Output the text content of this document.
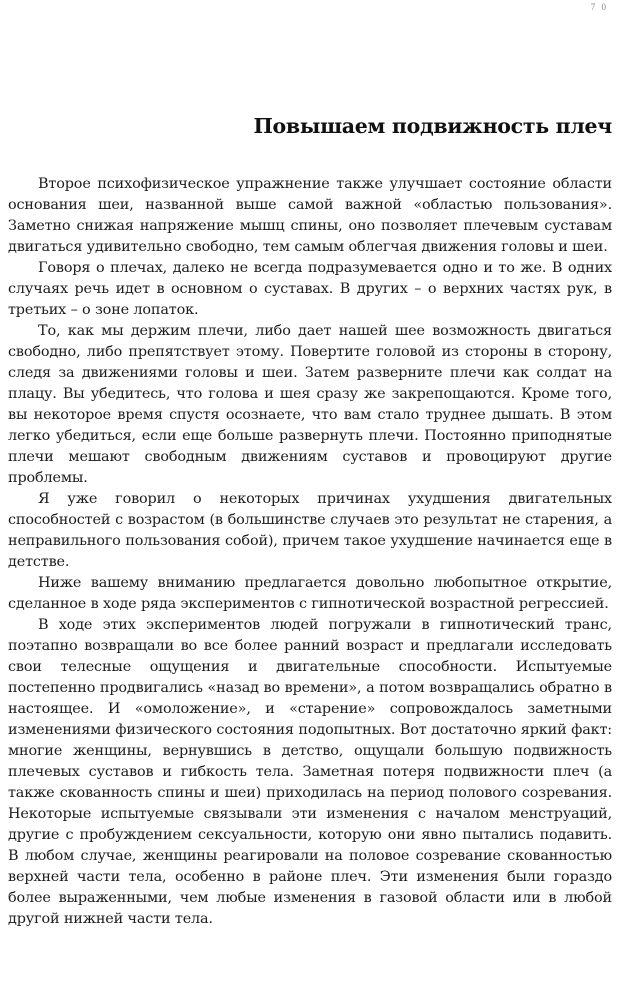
7 0
Повышаем подвижность плеч

Второе психофизическое упражнение также улучшает состояние области основания шеи, названной выше самой важной «областью пользования». Заметно снижая напряжение мышц спины, оно позволяет плечевым суставам двигаться удивительно свободно, тем самым облегчая движения головы и шеи.

Говоря о плечах, далеко не всегда подразумевается одно и то же. В одних случаях речь идет в основном о суставах. В других – о верхних частях рук, в третьих – о зоне лопаток.

То, как мы держим плечи, либо дает нашей шее возможность двигаться свободно, либо препятствует этому. Повертите головой из стороны в сторону, следя за движениями головы и шеи. Затем разверните плечи как солдат на плацу. Вы убедитесь, что голова и шея сразу же закрепощаются. Кроме того, вы некоторое время спустя осознаете, что вам стало труднее дышать. В этом легко убедиться, если еще больше развернуть плечи. Постоянно приподнятые плечи мешают свободным движениям суставов и провоцируют другие проблемы.

Я уже говорил о некоторых причинах ухудшения двигательных способностей с возрастом (в большинстве случаев это результат не старения, а неправильного пользования собой), причем такое ухудшение начинается еще в детстве.

Ниже вашему вниманию предлагается довольно любопытное открытие, сделанное в ходе ряда экспериментов с гипнотической возрастной регрессией.

В ходе этих экспериментов людей погружали в гипнотический транс, поэтапно возвращали во все более ранний возраст и предлагали исследовать свои телесные ощущения и двигательные способности. Испытуемые постепенно продвигались «назад во времени», а потом возвращались обратно в настоящее. И «омоложение», и «старение» сопровождалось заметными изменениями физического состояния подопытных. Вот достаточно яркий факт: многие женщины, вернувшись в детство, ощущали большую подвижность плечевых суставов и гибкость тела. Заметная потеря подвижности плеч (а также скованность спины и шеи) приходилась на период полового созревания. Некоторые испытуемые связывали эти изменения с началом менструаций, другие с пробуждением сексуальности, которую они явно пытались подавить. В любом случае, женщины реагировали на половое созревание скованностью верхней части тела, особенно в районе плеч. Эти изменения были гораздо более выраженными, чем любые изменения в газовой области или в любой другой нижней части тела.
